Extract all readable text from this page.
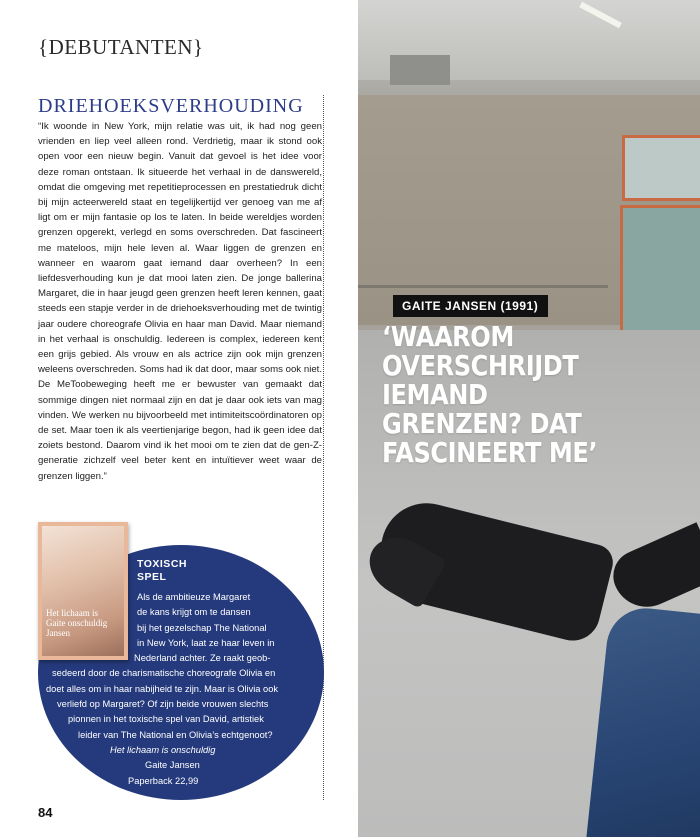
{DEBUTANTEN}
DRIEHOEKSVERHOUDING

“Ik woonde in New York, mijn relatie was uit, ik had nog geen vrienden en liep veel alleen rond. Verdrietig, maar ik stond ook open voor een nieuw begin. Vanuit dat gevoel is het idee voor deze roman ontstaan. Ik situeerde het verhaal in de danswereld, omdat die omgeving met repetitieprocessen en prestatiedruk dicht bij mijn acteerwereld staat en tegelijkertijd ver genoeg van me af ligt om er mijn fantasie op los te laten. In beide wereldjes worden grenzen opgerekt, verlegd en soms overschreden. Dat fascineert me mateloos, mijn hele leven al. Waar liggen de grenzen en wanneer en waarom gaat iemand daar overheen? In een liefdesverhouding kun je dat mooi laten zien. De jonge ballerina Margaret, die in haar jeugd geen grenzen heeft leren kennen, gaat steeds een stapje verder in de driehoeksverhouding met de twintig jaar oudere choreografe Olivia en haar man David. Maar niemand in het verhaal is onschuldig. Iedereen is complex, iedereen kent een grijs gebied. Als vrouw en als actrice zijn ook mijn grenzen weleens overschreden. Soms had ik dat door, maar soms ook niet. De MeToobeweging heeft me er bewuster van gemaakt dat sommige dingen niet normaal zijn en dat je daar ook iets van mag vinden. We werken nu bijvoorbeeld met intimiteitscoördinatoren op de set. Maar toen ik als veertienjarige begon, had ik geen idee dat zoiets bestond. Daarom vind ik het mooi om te zien dat de gen-Z-generatie zichzelf veel beter kent en intuïtiever weet waar de grenzen liggen.”

Het lichaam is
Gaite onschuldig
Jansen
TOXISCH
SPEL
Als de ambitieuze Margaret
de kans krijgt om te dansen
bij het gezelschap The National
in New York, laat ze haar leven in
Nederland achter. Ze raakt geob-
sedeerd door de charismatische choreografe Olivia en
doet alles om in haar nabijheid te zijn. Maar is Olivia ook
verliefd op Margaret? Of zijn beide vrouwen slechts
pionnen in het toxische spel van David, artistiek
leider van The National en Olivia’s echtgenoot?
Het lichaam is onschuldig
Gaite Jansen
Paperback 22,99
84
GAITE JANSEN (1991)
‘WAAROM
OVERSCHRIJDT
IEMAND
GRENZEN? DAT
FASCINEERT ME’
